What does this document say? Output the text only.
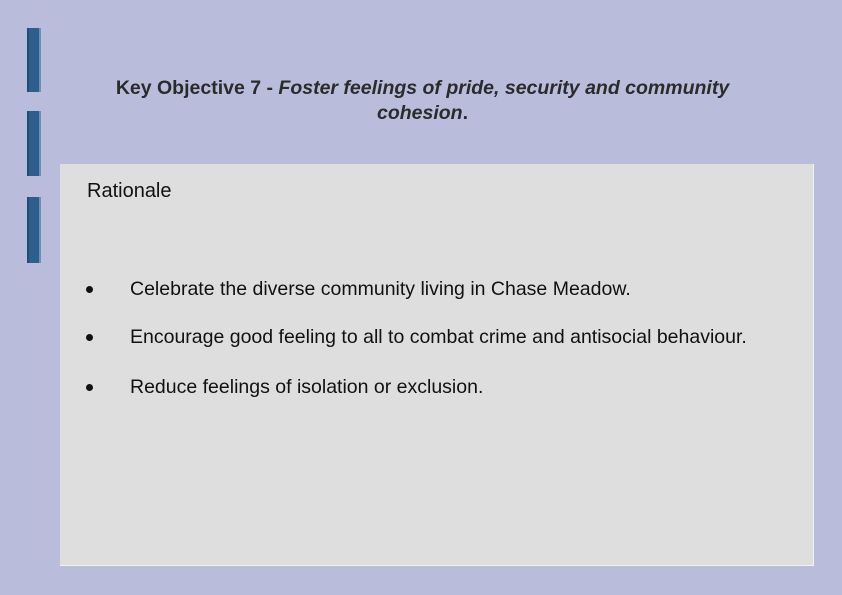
Key Objective 7 - Foster feelings of pride, security and community cohesion.
Rationale
Celebrate the diverse community living in Chase Meadow.
Encourage good feeling to all to combat crime and antisocial behaviour.
Reduce feelings of isolation or exclusion.
